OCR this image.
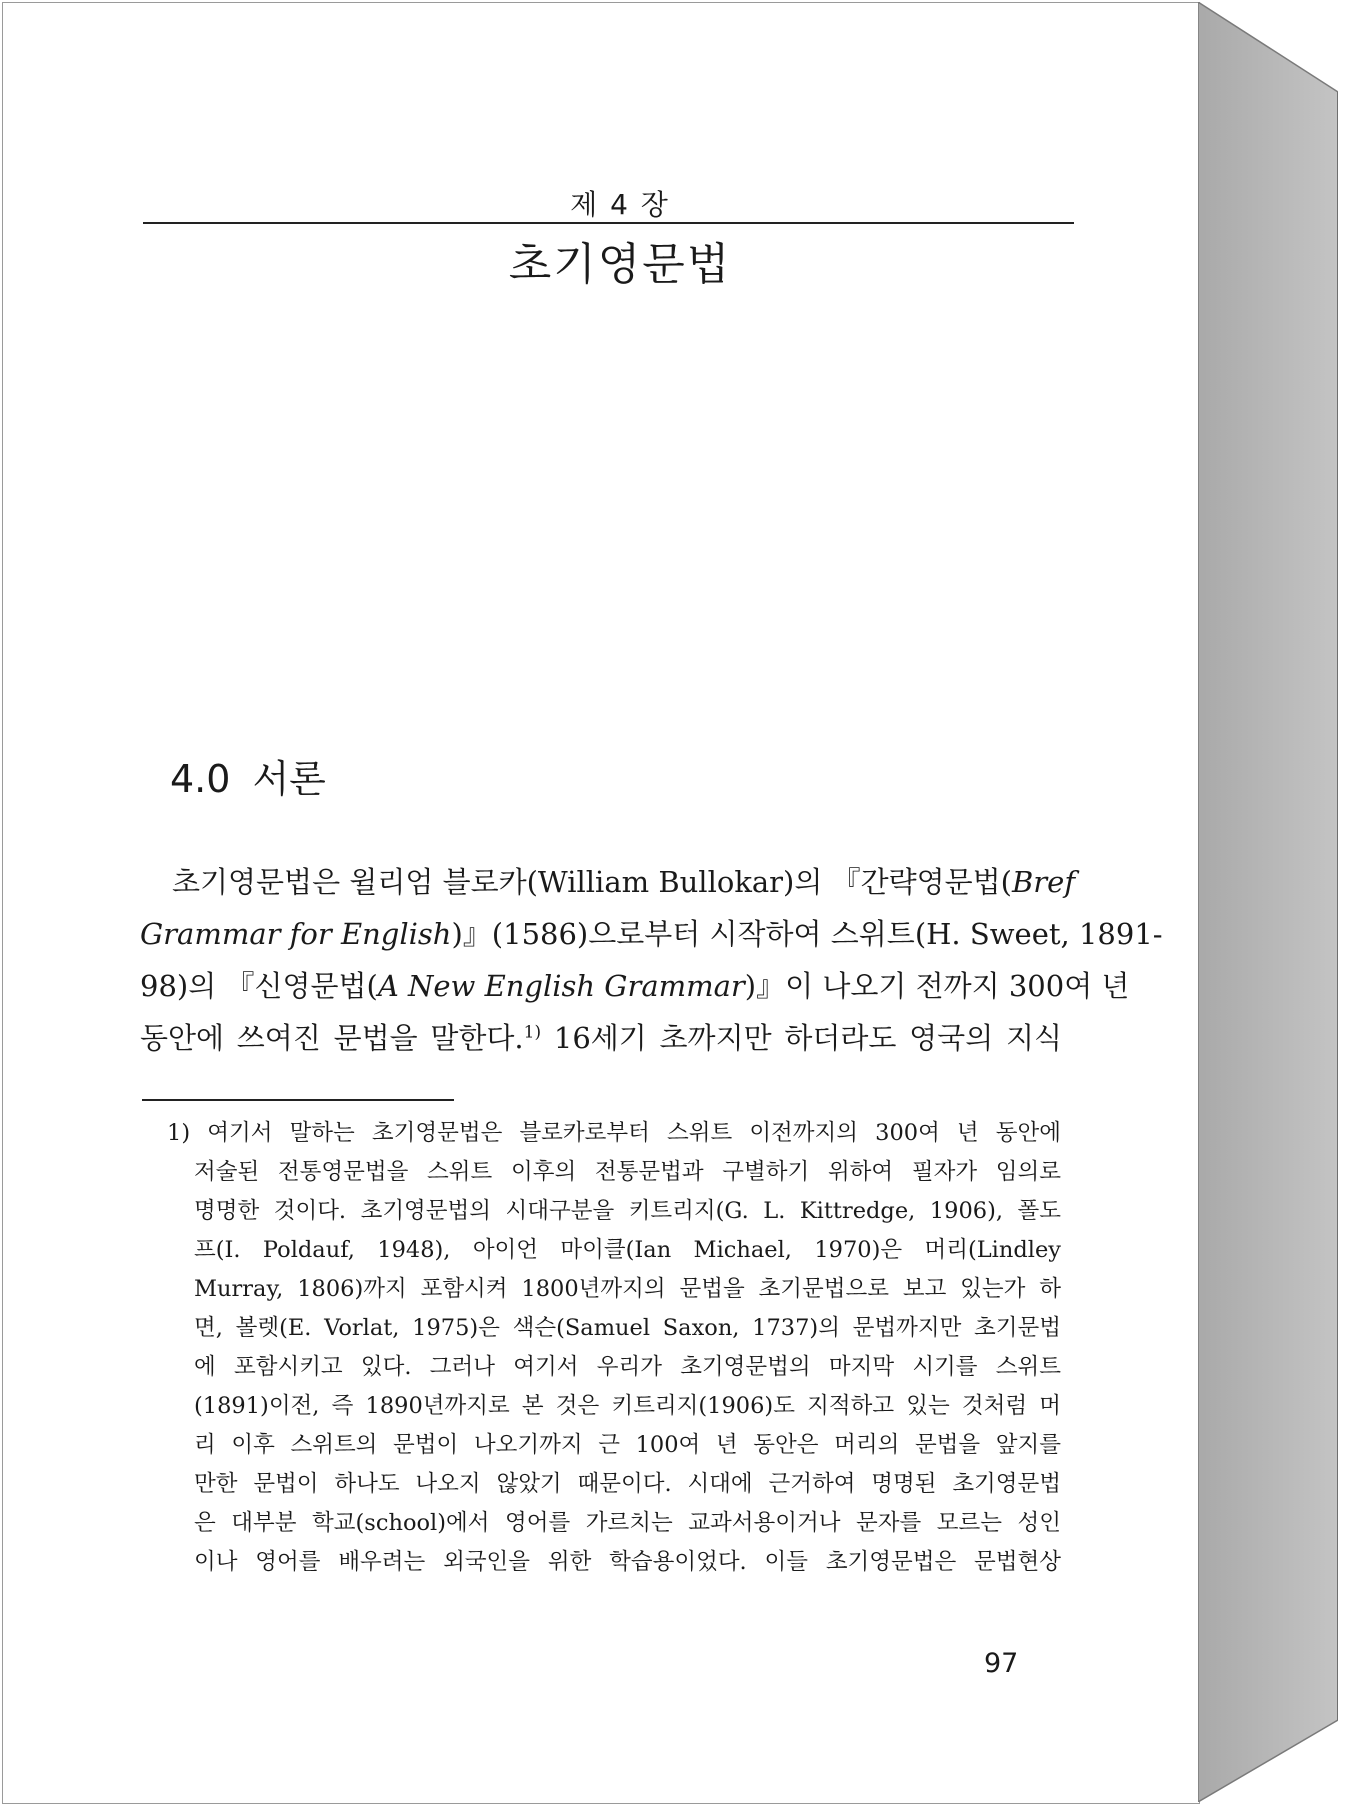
제 4 장
초기영문법
4.0 서론
초기영문법은 윌리엄 블로카(William Bullokar)의 『간략영문법(Bref
Grammar for English)』(1586)으로부터 시작하여 스위트(H. Sweet, 1891-
98)의 『신영문법(A New English Grammar)』이 나오기 전까지 300여 년
동안에 쓰여진 문법을 말한다.$^{1)}$ 16세기 초까지만 하더라도 영국의 지식
1) 여기서 말하는 초기영문법은 블로카로부터 스위트 이전까지의 300여 년 동안에
저술된 전통영문법을 스위트 이후의 전통문법과 구별하기 위하여 필자가 임의로
명명한 것이다. 초기영문법의 시대구분을 키트리지(G. L. Kittredge, 1906), 폴도
프(I. Poldauf, 1948), 아이언 마이클(Ian Michael, 1970)은 머리(Lindley
Murray, 1806)까지 포함시켜 1800년까지의 문법을 초기문법으로 보고 있는가 하
면, 볼렛(E. Vorlat, 1975)은 색슨(Samuel Saxon, 1737)의 문법까지만 초기문법
에 포함시키고 있다. 그러나 여기서 우리가 초기영문법의 마지막 시기를 스위트
(1891)이전, 즉 1890년까지로 본 것은 키트리지(1906)도 지적하고 있는 것처럼 머
리 이후 스위트의 문법이 나오기까지 근 100여 년 동안은 머리의 문법을 앞지를
만한 문법이 하나도 나오지 않았기 때문이다. 시대에 근거하여 명명된 초기영문법
은 대부분 학교(school)에서 영어를 가르치는 교과서용이거나 문자를 모르는 성인
이나 영어를 배우려는 외국인을 위한 학습용이었다. 이들 초기영문법은 문법현상
97
